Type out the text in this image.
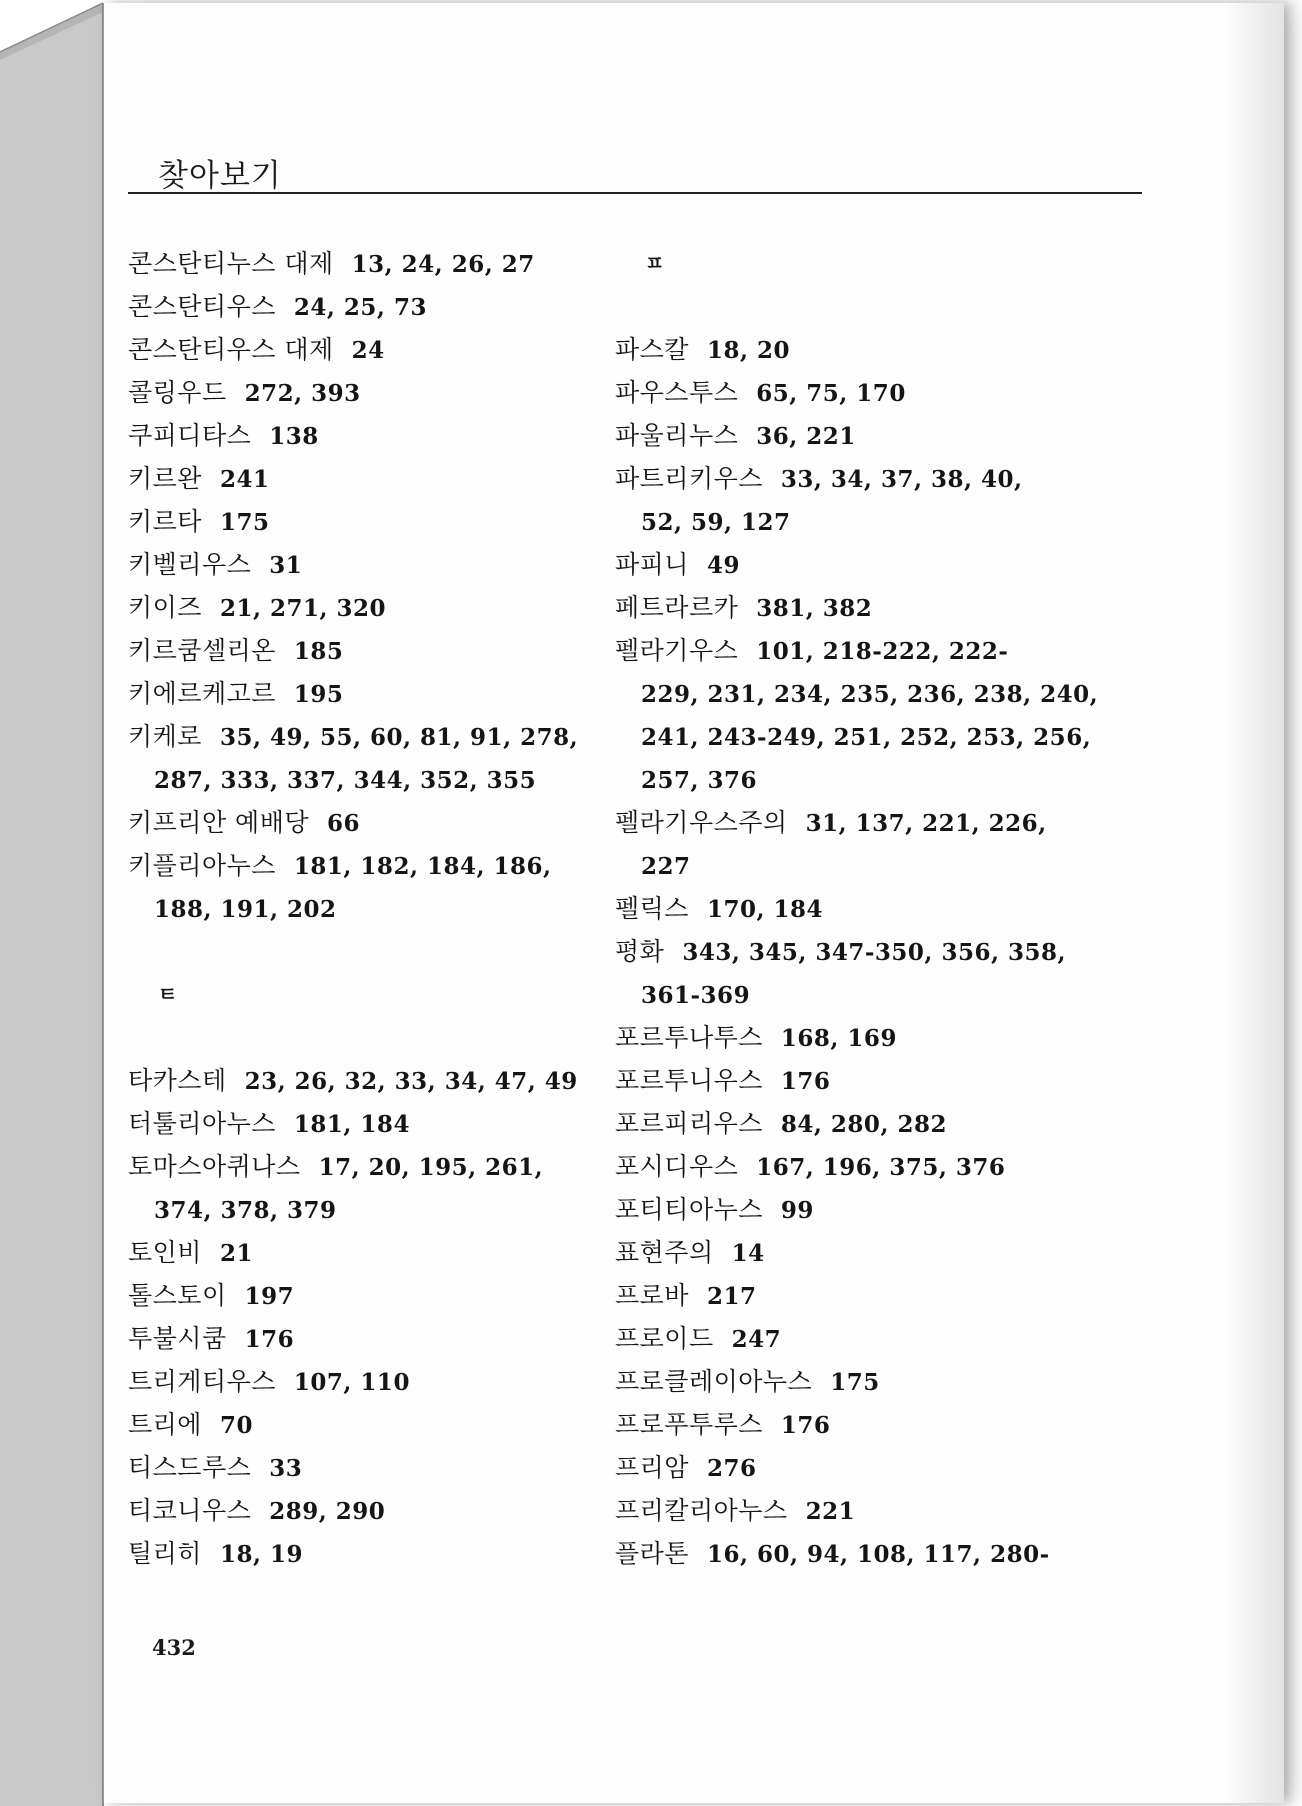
찾아보기
콘스탄티누스 대제 13, 24, 26, 27
콘스탄티우스 24, 25, 73
콘스탄티우스 대제 24
콜링우드 272, 393
쿠피디타스 138
키르완 241
키르타 175
키벨리우스 31
키이즈 21, 271, 320
키르쿰셀리온 185
키에르케고르 195
키케로 35, 49, 55, 60, 81, 91, 278,
287, 333, 337, 344, 352, 355
키프리안 예배당 66
키플리아누스 181, 182, 184, 186,
188, 191, 202
ㅌ
타카스테 23, 26, 32, 33, 34, 47, 49
터툴리아누스 181, 184
토마스아퀴나스 17, 20, 195, 261,
374, 378, 379
토인비 21
톨스토이 197
투불시쿰 176
트리게티우스 107, 110
트리에 70
티스드루스 33
티코니우스 289, 290
틸리히 18, 19
ㅍ
파스칼 18, 20
파우스투스 65, 75, 170
파울리누스 36, 221
파트리키우스 33, 34, 37, 38, 40,
52, 59, 127
파피니 49
페트라르카 381, 382
펠라기우스 101, 218-222, 222-
229, 231, 234, 235, 236, 238, 240,
241, 243-249, 251, 252, 253, 256,
257, 376
펠라기우스주의 31, 137, 221, 226,
227
펠릭스 170, 184
평화 343, 345, 347-350, 356, 358,
361-369
포르투나투스 168, 169
포르투니우스 176
포르피리우스 84, 280, 282
포시디우스 167, 196, 375, 376
포티티아누스 99
표현주의 14
프로바 217
프로이드 247
프로클레이아누스 175
프로푸투루스 176
프리암 276
프리칼리아누스 221
플라톤 16, 60, 94, 108, 117, 280-
432
